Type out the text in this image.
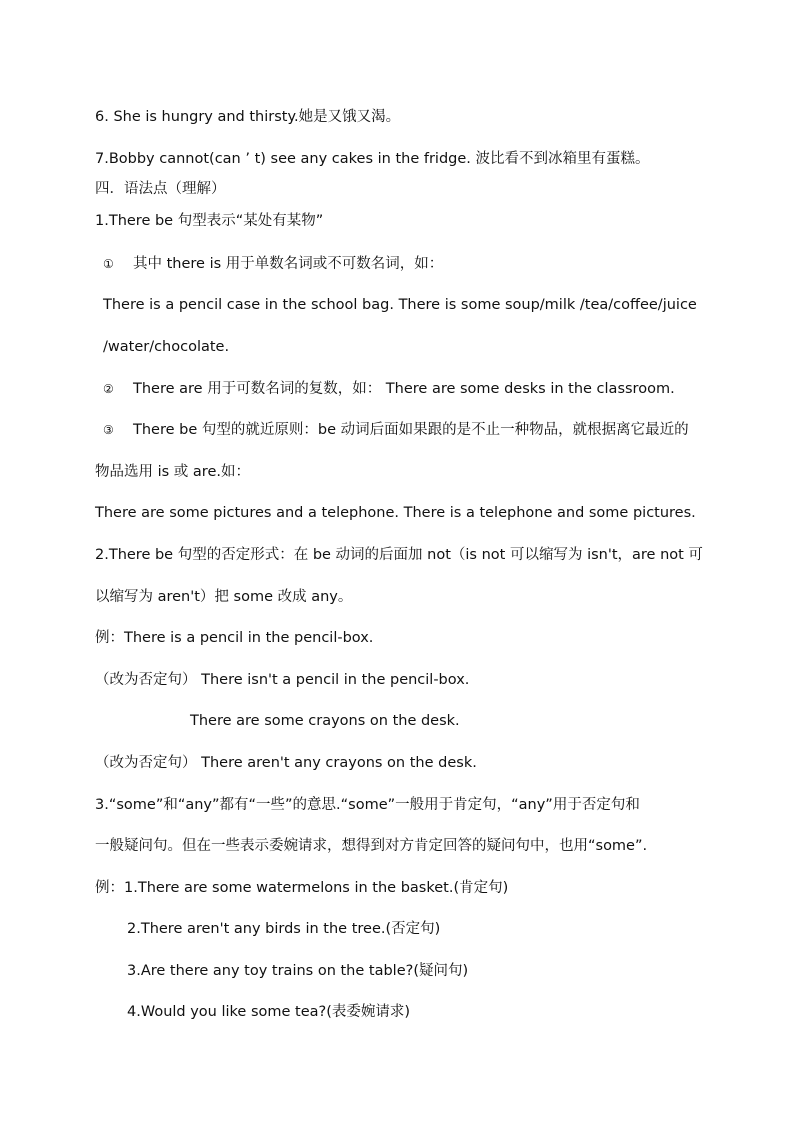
6. She is hungry and thirsty.她是又饿又渴。
7.Bobby cannot(can ’ t) see any cakes in the fridge. 波比看不到冰箱里有蛋糕。
四．语法点（理解）
1.There be 句型表示“某处有某物”
① 其中 there is 用于单数名词或不可数名词，如：
There is a pencil case in the school bag. There is some soup/milk /tea/coffee/juice
/water/chocolate.
② There are 用于可数名词的复数，如： There are some desks in the classroom.
③ There be 句型的就近原则：be 动词后面如果跟的是不止一种物品，就根据离它最近的
物品选用 is 或 are.如：
There are some pictures and a telephone. There is a telephone and some pictures.
2.There be 句型的否定形式：在 be 动词的后面加 not（is not 可以缩写为 isn't，are not 可
以缩写为 aren't）把 some 改成 any。
例：There is a pencil in the pencil-box.
（改为否定句） There isn't a pencil in the pencil-box.
There are some crayons on the desk.
（改为否定句） There aren't any crayons on the desk.
3.“some”和“any”都有“一些”的意思.“some”一般用于肯定句，“any”用于否定句和
一般疑问句。但在一些表示委婉请求，想得到对方肯定回答的疑问句中，也用“some”.
例：1.There are some watermelons in the basket.(肯定句)
2.There aren't any birds in the tree.(否定句)
3.Are there any toy trains on the table?(疑问句)
4.Would you like some tea?(表委婉请求)
